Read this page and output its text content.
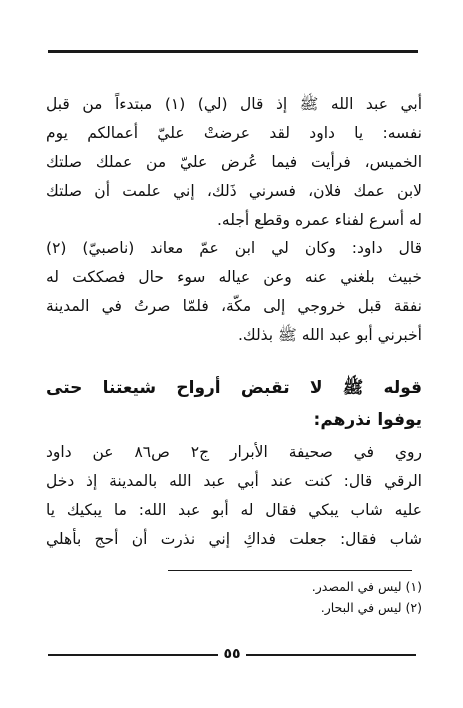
أبي عبد الله ﷺ إذ قال (لي) (١) مبتدءاً من قبل
نفسه: يا داود لقد عرضتْ عليّ أعمالكم يوم
الخميس، فرأيت فيما عُرض عليّ من عملك صلتك
لابن عمك فلان، فسرني ذَلك، إني علمت أن صلتك
له أسرع لفناء عمره وقطع أجله.
قال داود: وكان لي ابن عمّ معاند (ناصبيّ) (٢)
خبيث بلغني عنه وعن عياله سوء حال فصككت له
نفقة قبل خروجي إلى مكّة، فلمّا صرتُ في المدينة
أخبرني أبو عبد الله ﷺ بذلك.
قوله ﷺ لا تقبض أرواح شيعتنا حتى
يوفوا نذرهم:
روي في صحيفة الأبرار ج٢ ص٨٦ عن داود
الرقي قال: كنت عند أبي عبد الله بالمدينة إذ دخل
عليه شاب يبكي فقال له أبو عبد الله: ما يبكيك يا
شاب فقال: جعلت فداكِ إني نذرت أن أحج بأهلي
(١) ليس في المصدر.
(٢) ليس في البحار.
٥٥
